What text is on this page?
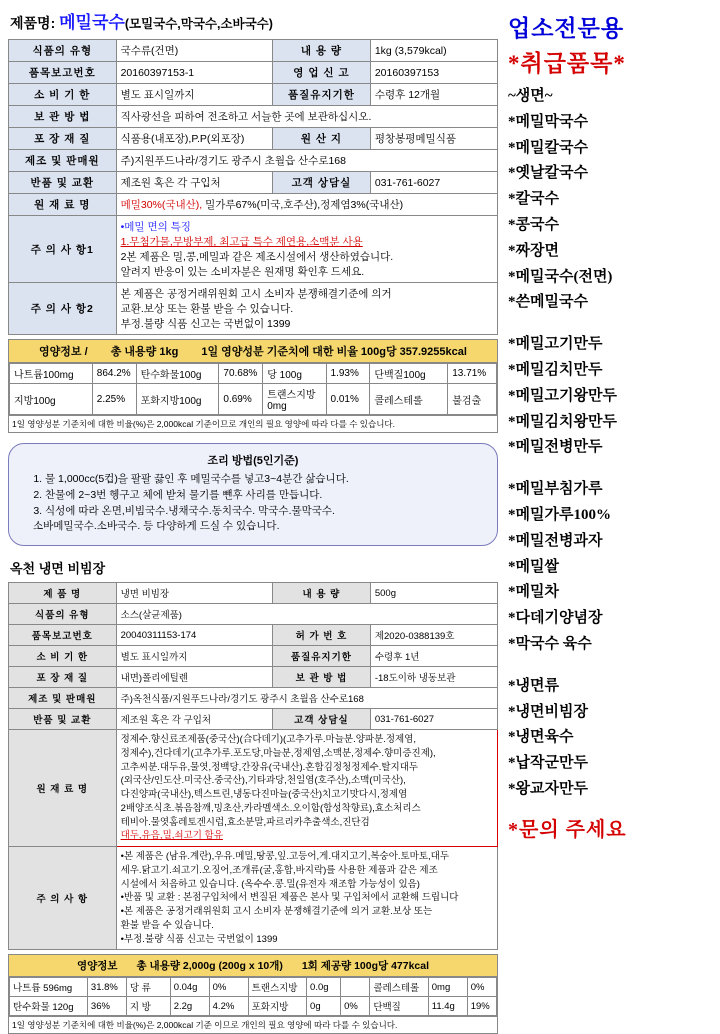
제품명: 메밀국수(모밀국수,막국수,소바국수)
식품의 유형	국수류(건면)	내 용 량	1kg (3,579kcal)
품목보고번호	20160397153-1	영 업 신 고	20160397153
소 비 기 한	별도 표시일까지	품질유지기한	수령후 12개월
보 관 방 법	직사광선을 피하여 전조하고 서늘한 곳에 보관하십시오.		
포 장 재 질	식품용(내포장),P.P(외포장)	원 산 지	평창봉평메밀식품
제조 및 판매원	주)지원푸드나라/경기도 광주시 초월읍 산수로168		
반품 및 교환	제조원 혹은 각 구입처	고객 상담실	031-761-6027
원 재 료 명	메밀30%(국내산), 밀가루67%(미국,호주산),정제염3%(국내산)		
주 의 사 항1	•메밀 면의 특징
1.무첨가물,무방부제, 최고급 특수 제연용,소맥분 사용
2본 제품은 밀,콩,메밀과 같은 제조시설에서 생산하였습니다.
알려지 반응이 있는 소비자분은 원재명 확인후 드세요.		

주 의 사 항2	본 제품은 공정거래위원회 고시 소비자 분쟁해결기준에 의거
교환.보상 또는 환불 받을 수 있습니다.
부정.불량 식품 신고는 국번없이 1399		
영양정보 / 총 내용량 1kg 1일 영양성분 기준치에 대한 비율 100g당 357.9255kcal
나트륨100mg	864.2%	탄수화물100g	70.68%	당 100g	1.93%	단백질100g	13.71%
지방100g	2.25%	포화지방100g	0.69%	트랜스지방0mg	0.01%	콜레스테롤	불검출
1일 영양성분 기준치에 대한 비율(%)은 2,000kcal 기준이므로 개인의 필요 영양에 따라 다를 수 있습니다.
조리 방법(5인기준)
1. 물 1,000cc(5컵)을 팔팔 끓인 후 메밀국수를 넣고3~4분간 삶습니다.
2. 찬물에 2~3번 헹구고 체에 받쳐 물기를 뺀후 사리를 만듭니다.
3. 식성에 따라 온면,비빔국수.냉채국수.동치국수. 막국수.물막국수.
소바메밀국수.소바국수. 등 다양하게 드실 수 있습니다.
옥천 냉면 비빔장
제 품 명	냉면 비빔장	내 용 량	500g
식품의 유형	소스(살균제품)		
품목보고번호	20040311153-174	허 가 번 호	제2020-0388139호
소 비 기 한	별도 표시일까지	품질유지기한	수령후 1년
포 장 재 질	내면)폴리에틸렌	보 관 방 법	-18도이하 냉동보관
제조 및 판매원	주)옥천식품/지원푸드나라/경기도 광주시 초월읍 산수로168		
반품 및 교환	제조원 혹은 각 구입처	고객 상담실	031-761-6027
원 재 료 명	
정제수.향신료조제품(중국산)(合다데기)(고추가루.마늘분.양파분.정제염,
정제수),건다데기(고추가루.포도당,마늘분,정제염,소맥분,정제수.향미증진제),
고추씨분.대두유,물엿,정백당,간장유(국내산).혼합김정청정제수.탈지대두
(외국산/인도산.미국산.중국산),기타과당,천일염(호주산),소맥(미국산),
다진양파(국내산),텍스트린,냉동다진마늘(중국산)치고기맛다시,정제염
2배양조식초.볶음참깨,밍초산,카라멜색소.오이함(합성착향료),효소처리스
테비아.물엿홈레토겐시럽,효소분말,파르리카추출색소,진단검
대두,유음,밀,쇠고기 함유

주 의 사 항	
•본 제품은 (남유.계란),우유.메밀,땅콩,잎.고등어,게.대지고기,복숭아.토마토,대두
세우.닭고기.쇠고기.오징어,조개류(굴,홍합,바지락)를 사용한 제품과 같은 제조
시설에서 처음하고 있습니다. (옥수수.콩.밀(유전자 재조합 가능성이 있음)
•반품 및 교환 : 본점구입처에서 변질된 제품은 본사 및 구입처에서 교환해 드립니다
•본 제품은 공정거래위원회 고시 소비자 분쟁해결기준에 의거 교환.보상 또는
환불 받을 수 있습니다.
•부정.불량 식품 신고는 국번없이 1399
영양정보 총 내용량 2,000g (200g x 10개) 1회 제공량 100g당 477kcal
나트륨 596mg	31.8%	당 류	0.04g	0%	트랜스지방	0.0g		콜레스테롤	0mg	0%
탄수화물 120g	36%	지 방	2.2g	4.2%	포화지방	0g	0%	단백질	11.4g	19%
1일 영양성분 기준치에 대한 비율(%)은 2,000kcal 기준 이므로 개인의 필요 영양에 따라 다를 수 있습니다.
업소전문용
*취급품목*
~생면~
*메밀막국수
*메밀칼국수
*옛날칼국수
*칼국수
*콩국수
*짜장면
*메밀국수(전면)
*쓴메밀국수
*메밀고기만두
*메밀김치만두
*메밀고기왕만두
*메밀김치왕만두
*메밀전병만두
*메밀부침가루
*메밀가루100%
*메밀전병과자
*메밀쌀
*메밀차
*다데기양념장
*막국수 육수
*냉면류
*냉면비빔장
*냉면육수
*납작군만두
*왕교자만두
*문의 주세요
